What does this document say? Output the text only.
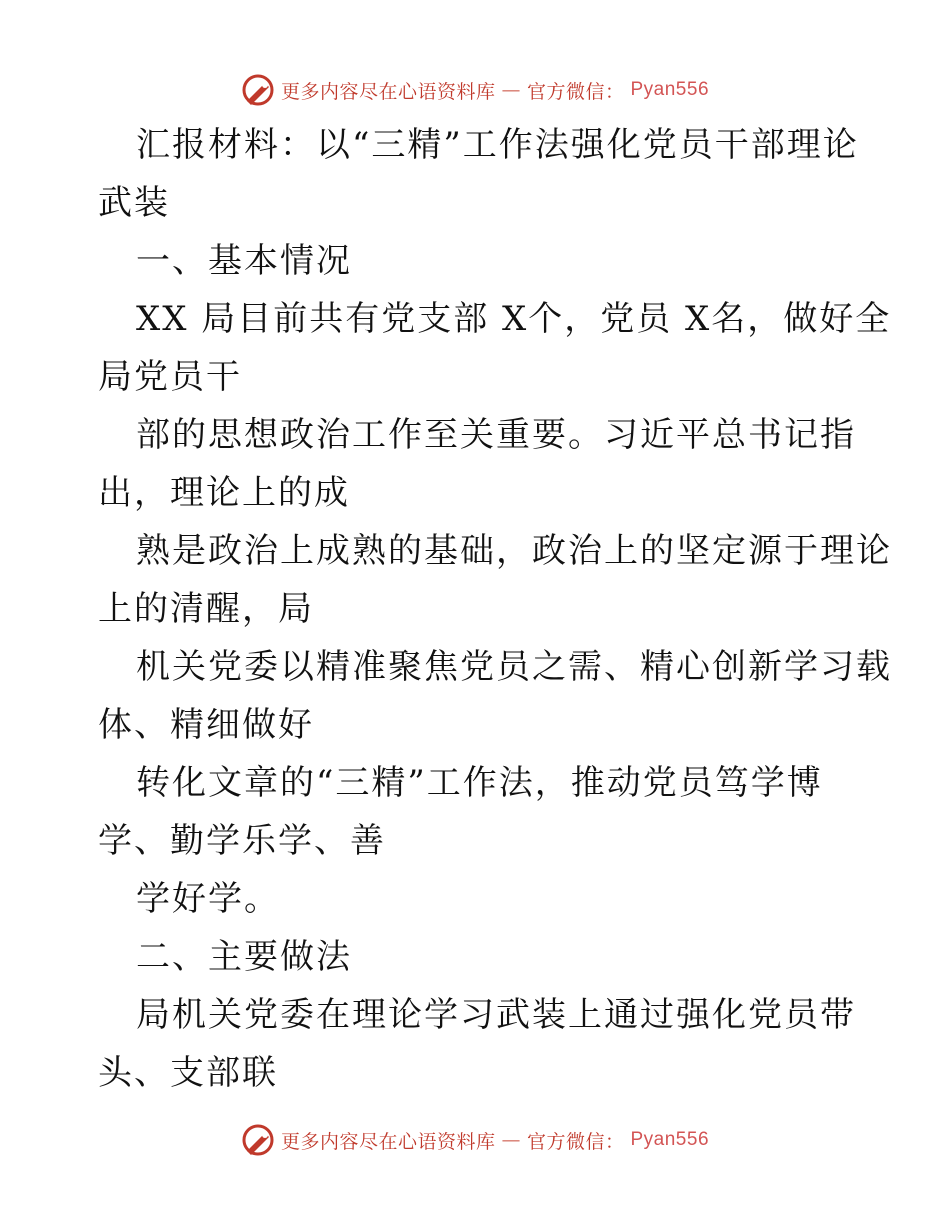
更多内容尽在心语资料库 — 官方微信： Pyan556
汇报材料：以“三精”工作法强化党员干部理论
武装
一、基本情况
XX 局目前共有党支部 X个，党员 X名，做好全
局党员干
部的思想政治工作至关重要。习近平总书记指
出，理论上的成
熟是政治上成熟的基础，政治上的坚定源于理论
上的清醒，局
机关党委以精准聚焦党员之需、精心创新学习载
体、精细做好
转化文章的“三精”工作法，推动党员笃学博
学、勤学乐学、善
学好学。
二、主要做法
局机关党委在理论学习武装上通过强化党员带
头、支部联
更多内容尽在心语资料库 — 官方微信： Pyan556
